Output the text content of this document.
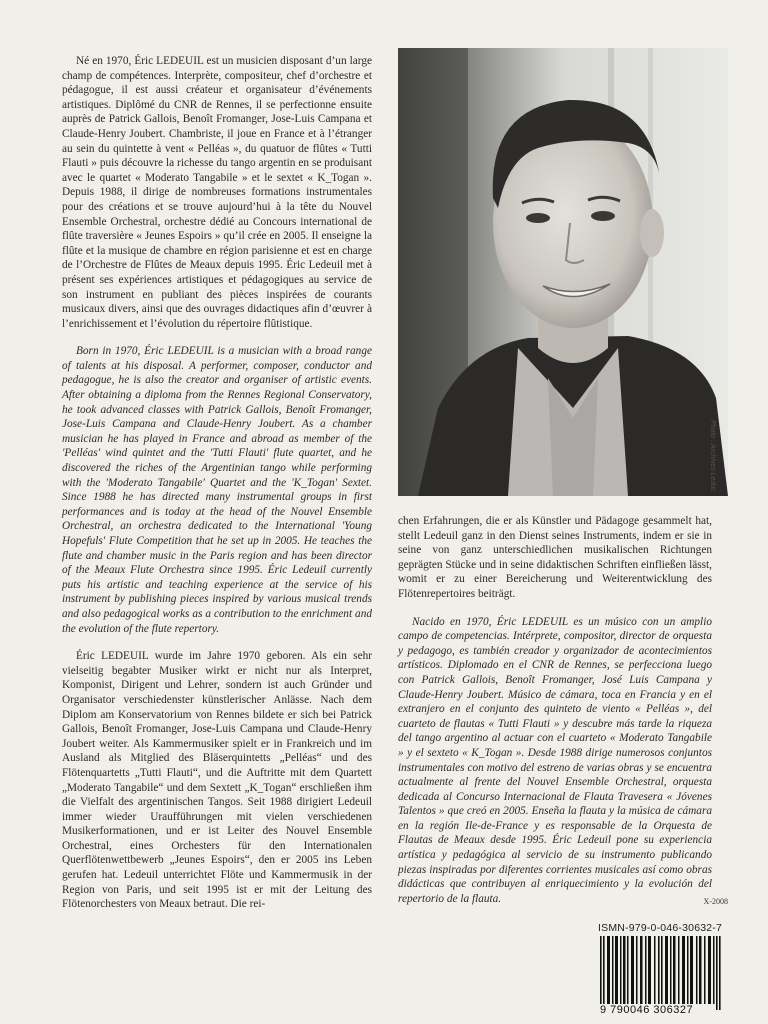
Né en 1970, Éric LEDEUIL est un musicien disposant d’un large champ de compétences. Interprète, compositeur, chef d’orchestre et pédagogue, il est aussi créateur et organisateur d’événements artistiques. Diplômé du CNR de Rennes, il se perfectionne ensuite auprès de Patrick Gallois, Benoît Fromanger, Jose-Luis Campana et Claude-Henry Joubert. Chambriste, il joue en France et à l’étranger au sein du quintette à vent « Pelléas », du quatuor de flûtes « Tutti Flauti » puis découvre la richesse du tango argentin en se produisant avec le quartet « Moderato Tangabile » et le sextet « K_Togan ». Depuis 1988, il dirige de nombreuses formations instrumentales pour des créations et se trouve aujourd’hui à la tête du Nouvel Ensemble Orchestral, orchestre dédié au Concours international de flûte traversière « Jeunes Espoirs » qu’il crée en 2005. Il enseigne la flûte et la musique de chambre en région parisienne et est en charge de l’Orchestre de Flûtes de Meaux depuis 1995. Éric Ledeuil met à présent ses expériences artistiques et pédagogiques au service de son instrument en publiant des pièces inspirées de courants musicaux divers, ainsi que des ouvrages didactiques afin d’œuvrer à l’enrichissement et l’évolution du répertoire flûtistique.

Born in 1970, Éric LEDEUIL is a musician with a broad range of talents at his disposal. A performer, composer, conductor and pedagogue, he is also the creator and organiser of artistic events. After obtaining a diploma from the Rennes Regional Conservatory, he took advanced classes with Patrick Gallois, Benoît Fromanger, Jose-Luis Campana and Claude-Henry Joubert. As a chamber musician he has played in France and abroad as member of the 'Pelléas' wind quintet and the 'Tutti Flauti' flute quartet, and he discovered the riches of the Argentinian tango while performing with the 'Moderato Tangabile' Quartet and the 'K_Togan' Sextet. Since 1988 he has directed many instrumental groups in first performances and is today at the head of the Nouvel Ensemble Orchestral, an orchestra dedicated to the International 'Young Hopefuls' Flute Competition that he set up in 2005. He teaches the flute and chamber music in the Paris region and has been director of the Meaux Flute Orchestra since 1995. Éric Ledeuil currently puts his artistic and teaching experience at the service of his instrument by publishing pieces inspired by various musical trends and also pedagogical works as a contribution to the enrichment and the evolution of the flute repertory.

Éric LEDEUIL wurde im Jahre 1970 geboren. Als ein sehr vielseitig begabter Musiker wirkt er nicht nur als Interpret, Komponist, Dirigent und Lehrer, sondern ist auch Gründer und Organisator verschiedenster künstlerischer Anlässe. Nach dem Diplom am Konservatorium von Rennes bildete er sich bei Patrick Gallois, Benoît Fromanger, Jose-Luis Campana und Claude-Henry Joubert weiter. Als Kammermusiker spielt er in Frankreich und im Ausland als Mitglied des Bläserquintetts „Pelléas“ und des Flötenquartetts „Tutti Flauti“, und die Auftritte mit dem Quartett „Moderato Tangabile“ und dem Sextett „K_Togan“ erschließen ihm die Vielfalt des argentinischen Tangos. Seit 1988 dirigiert Ledeuil immer wieder Uraufführungen mit vielen verschiedenen Musikerformationen, und er ist Leiter des Nouvel Ensemble Orchestral, eines Orchesters für den Internationalen Querflötenwettbewerb „Jeunes Espoirs“, den er 2005 ins Leben gerufen hat. Ledeuil unterrichtet Flöte und Kammermusik in der Region von Paris, und seit 1995 ist er mit der Leitung des Flötenorchesters von Meaux betraut. Die rei-

Photo : Archives Leduc

chen Erfahrungen, die er als Künstler und Pädagoge gesammelt hat, stellt Ledeuil ganz in den Dienst seines Instruments, indem er sie in seine von ganz unterschiedlichen musikalischen Richtungen geprägten Stücke und in seine didaktischen Schriften einfließen lässt, womit er zu einer Bereicherung und Weiterentwicklung des Flötenrepertoires beiträgt.

Nacido en 1970, Éric LEDEUIL es un músico con un amplio campo de competencias. Intérprete, compositor, director de orquesta y pedagogo, es también creador y organizador de acontecimientos artísticos. Diplomado en el CNR de Rennes, se perfecciona luego con Patrick Gallois, Benoît Fromanger, José Luis Campana y Claude-Henry Joubert. Músico de cámara, toca en Francia y en el extranjero en el conjunto des quinteto de viento « Pelléas », del cuarteto de flautas « Tutti Flauti » y descubre más tarde la riqueza del tango argentino al actuar con el cuarteto « Moderato Tangabile » y el sexteto « K_Togan ». Desde 1988 dirige numerosos conjuntos instrumentales con motivo del estreno de varias obras y se encuentra actualmente al frente del Nouvel Ensemble Orchestral, orquesta dedicada al Concurso Internacional de Flauta Travesera « Jóvenes Talentos » que creó en 2005. Enseña la flauta y la música de cámara en la región Ile-de-France y es responsable de la Orquesta de Flautas de Meaux desde 1995. Éric Ledeuil pone su experiencia artística y pedagógica al servicio de su instrumento publicando piezas inspiradas por diferentes corrientes musicales así como obras didácticas que contribuyen al enriquecimiento y la evolución del repertorio de la flauta.	X-2008
ISMN-979-0-046-30632-7
9 790046 306327
